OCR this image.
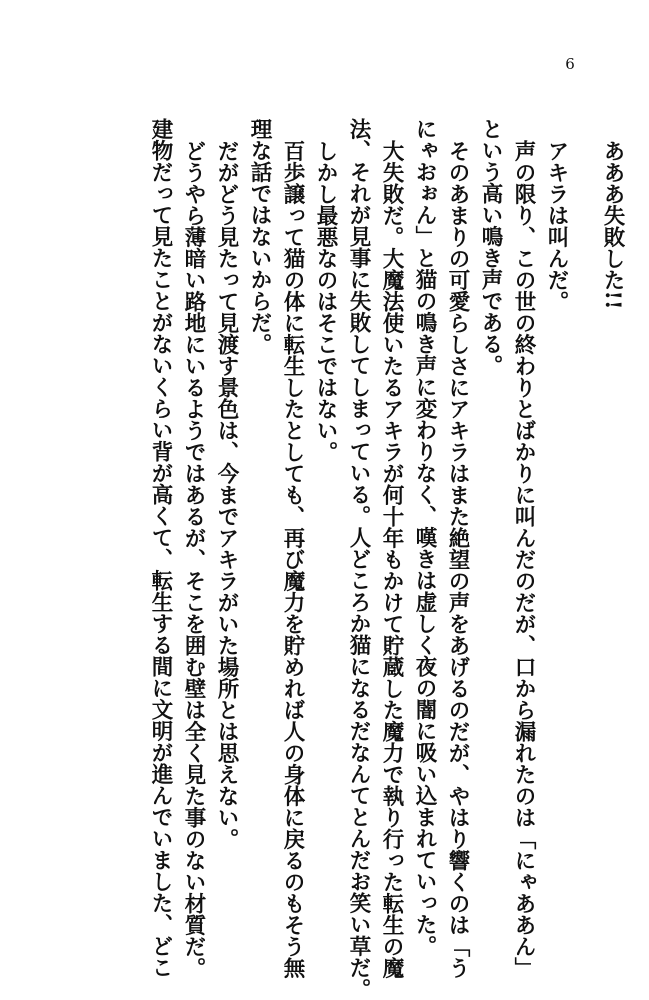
6
あああ失敗した!!
アキラは叫んだ。
声の限り、この世の終わりとばかりに叫んだのだが、口から漏れたのは「にゃああん」
という高い鳴き声である。
そのあまりの可愛らしさにアキラはまた絶望の声をあげるのだが、やはり響くのは「う
にゃおぉん」と猫の鳴き声に変わりなく、嘆きは虚しく夜の闇に吸い込まれていった。
大失敗だ。大魔法使いたるアキラが何十年もかけて貯蔵した魔力で執り行った転生の魔
法、それが見事に失敗してしまっている。人どころか猫になるだなんてとんだお笑い草だ。
しかし最悪なのはそこではない。
百歩譲って猫の体に転生したとしても、再び魔力を貯めれば人の身体に戻るのもそう無
理な話ではないからだ。
だがどう見たって見渡す景色は、今までアキラがいた場所とは思えない。
どうやら薄暗い路地にいるようではあるが、そこを囲む壁は全く見た事のない材質だ。
建物だって見たことがないくらい背が高くて、転生する間に文明が進んでいました、どこ
